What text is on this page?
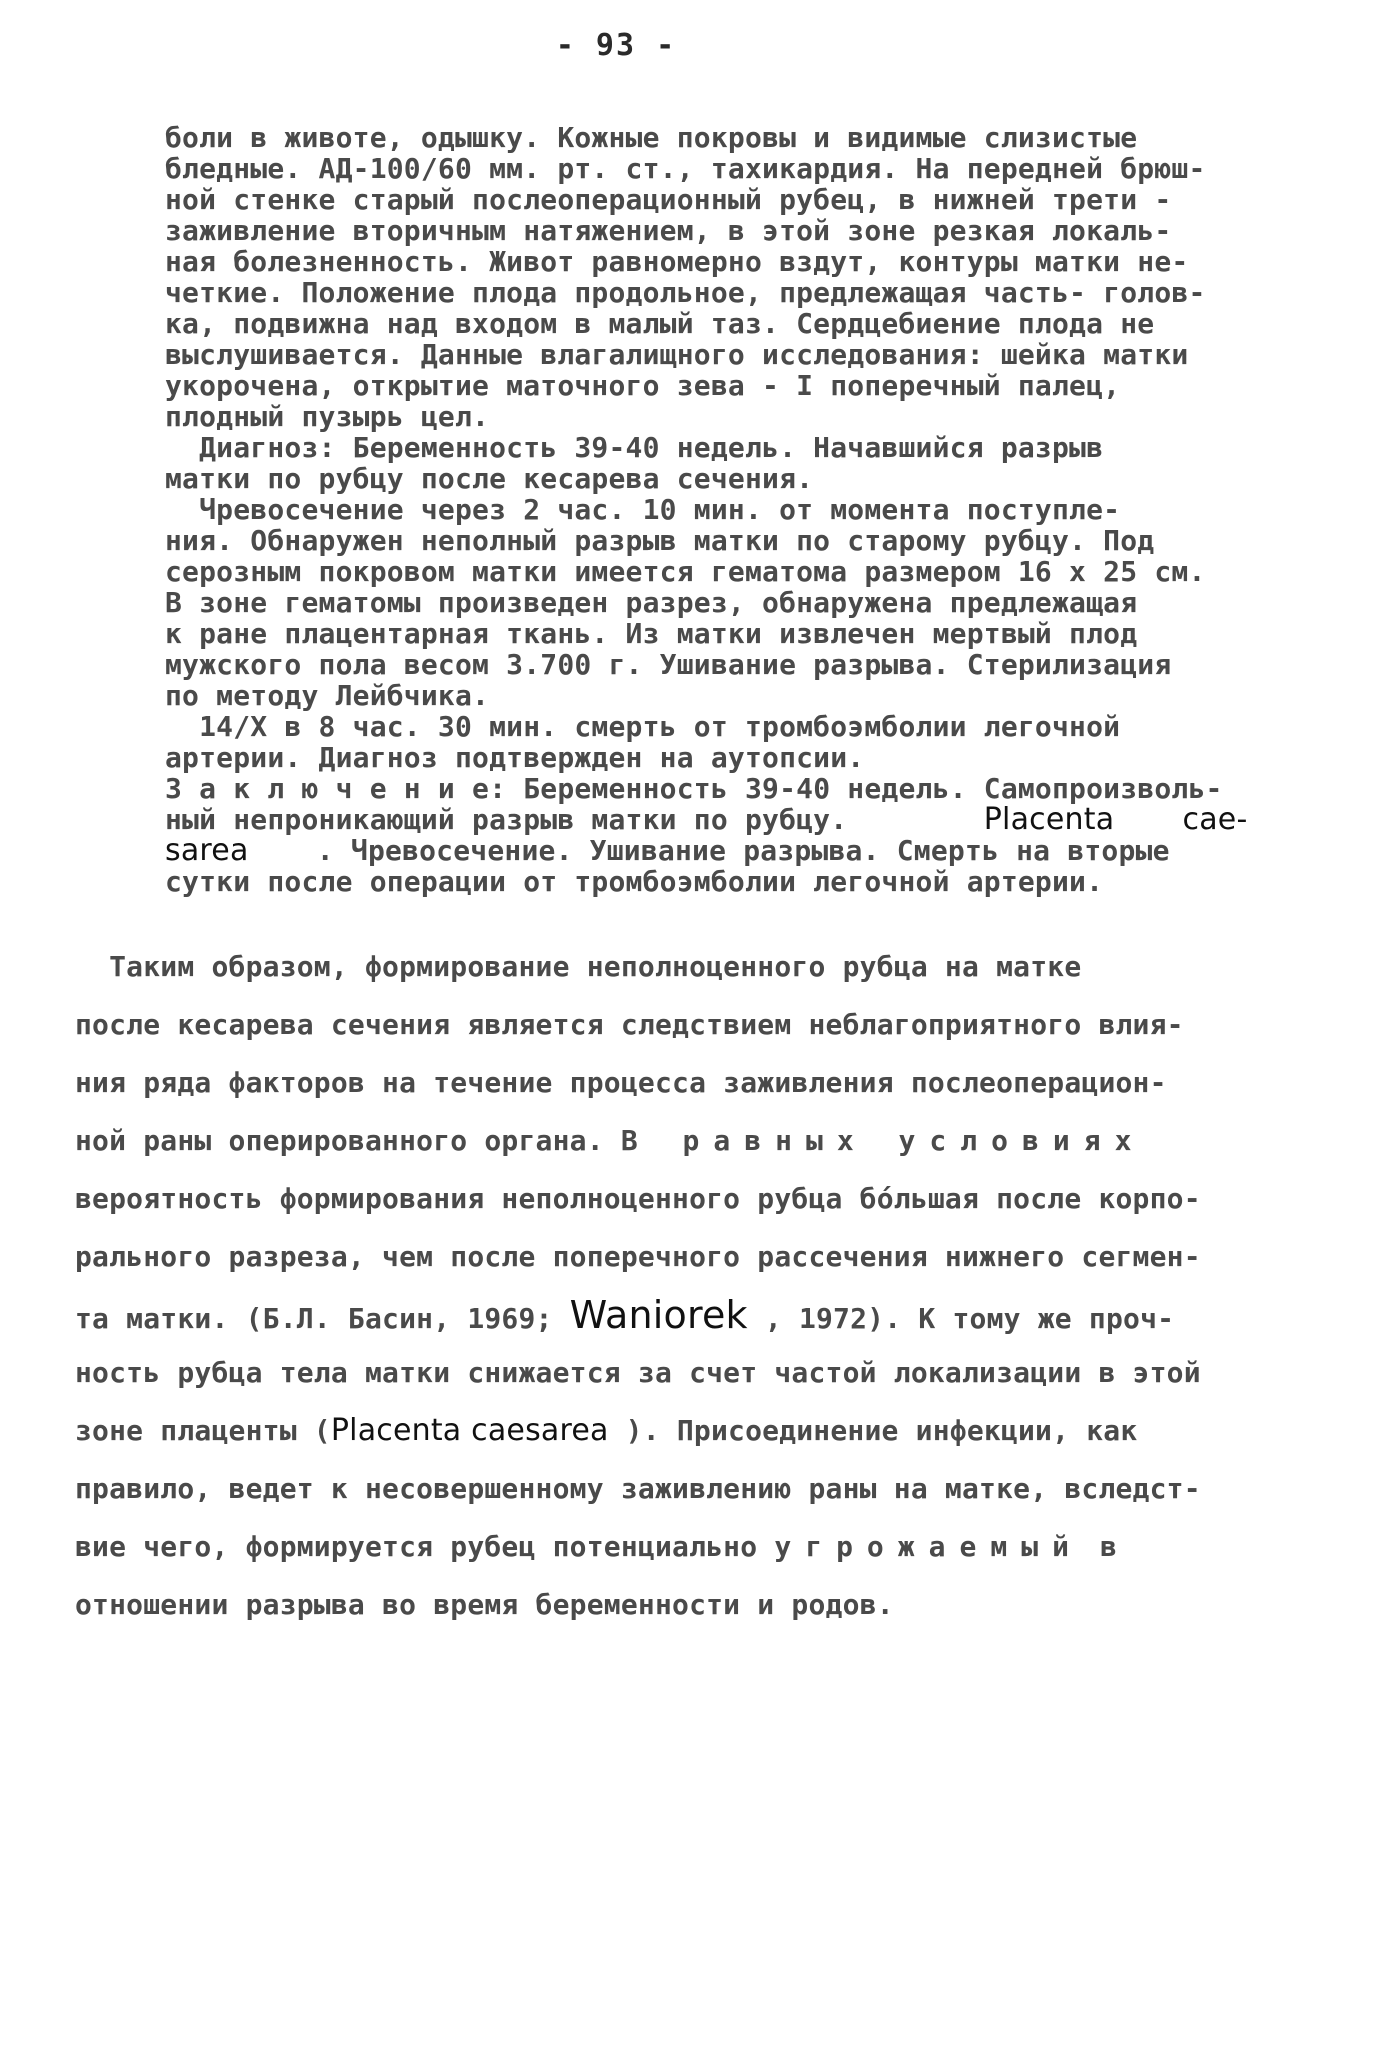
- 93 -
боли в животе, одышку. Кожные покровы и видимые слизистые
бледные. АД-100/60 мм. рт. ст., тахикардия. На передней брюш-
ной стенке старый послеоперационный рубец, в нижней трети -
заживление вторичным натяжением, в этой зоне резкая локаль-
ная болезненность. Живот равномерно вздут, контуры матки не-
четкие. Положение плода продольное, предлежащая часть- голов-
ка, подвижна над входом в малый таз. Сердцебиение плода не
выслушивается. Данные влагалищного исследования: шейка матки
укорочена, открытие маточного зева - I поперечный палец,
плодный пузырь цел.
Диагноз: Беременность 39-40 недель. Начавшийся разрыв
матки по рубцу после кесарева сечения.
Чревосечение через 2 час. 10 мин. от момента поступле-
ния. Обнаружен неполный разрыв матки по старому рубцу. Под
серозным покровом матки имеется гематома размером 16 х 25 см.
В зоне гематомы произведен разрез, обнаружена предлежащая
к ране плацентарная ткань. Из матки извлечен мертвый плод
мужского пола весом 3.700 г. Ушивание разрыва. Стерилизация
по методу Лейбчика.
14/X в 8 час. 30 мин. смерть от тромбоэмболии легочной
артерии. Диагноз подтвержден на аутопсии.
З а к л ю ч е н и е: Беременность 39-40 недель. Самопроизволь-
ный непроникающий разрыв матки по рубцу.	Placenta cae-
sarea . Чревосечение. Ушивание разрыва. Смерть на вторые
сутки после операции от тромбоэмболии легочной артерии.
Таким образом, формирование неполноценного рубца на матке
после кесарева сечения является следствием неблагоприятного влия-
ния ряда факторов на течение процесса заживления послеоперацион-
ной раны оперированного органа. В равных условиях
вероятность формирования неполноценного рубца бо́льшая после корпо-
рального разреза, чем после поперечного рассечения нижнего сегмен-
та матки. (Б.Л. Басин, 1969; Waniorek , 1972). К тому же проч-
ность рубца тела матки снижается за счет частой локализации в этой
зоне плаценты (Placenta caesarea ). Присоединение инфекции, как
правило, ведет к несовершенному заживлению раны на матке, вследст-
вие чего, формируется рубец потенциально угрожаемый в
отношении разрыва во время беременности и родов.
